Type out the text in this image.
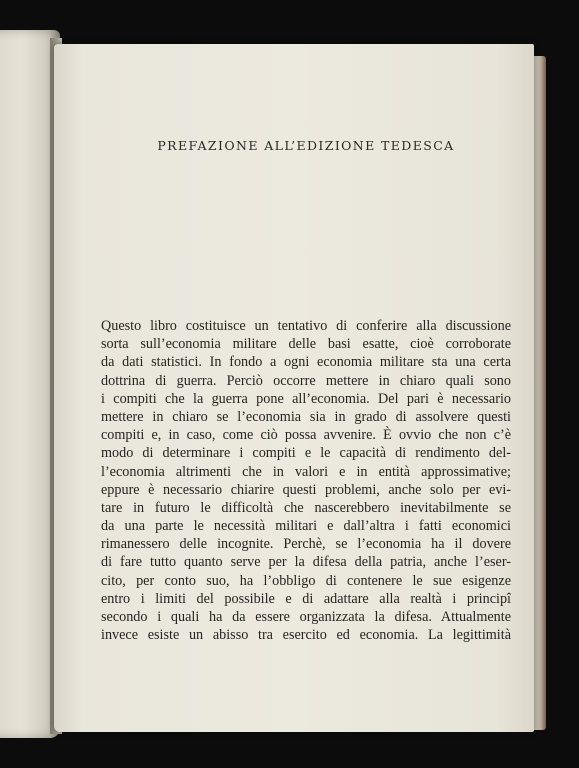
PREFAZIONE ALL’EDIZIONE TEDESCA
Questo libro costituisce un tentativo di conferire alla discussione
sorta sull’economia militare delle basi esatte, cioè corroborate
da dati statistici. In fondo a ogni economia militare sta una certa
dottrina di guerra. Perciò occorre mettere in chiaro quali sono
i compiti che la guerra pone all’economia. Del pari è necessario
mettere in chiaro se l’economia sia in grado di assolvere questi
compiti e, in caso, come ciò possa avvenire. È ovvio che non c’è
modo di determinare i compiti e le capacità di rendimento del-
l’economia altrimenti che in valori e in entità approssimative;
eppure è necessario chiarire questi problemi, anche solo per evi-
tare in futuro le difficoltà che nascerebbero inevitabilmente se
da una parte le necessità militari e dall’altra i fatti economici
rimanessero delle incognite. Perchè, se l’economia ha il dovere
di fare tutto quanto serve per la difesa della patria, anche l’eser-
cito, per conto suo, ha l’obbligo di contenere le sue esigenze
entro i limiti del possibile e di adattare alla realtà i principî
secondo i quali ha da essere organizzata la difesa. Attualmente
invece esiste un abisso tra esercito ed economia. La legittimità
